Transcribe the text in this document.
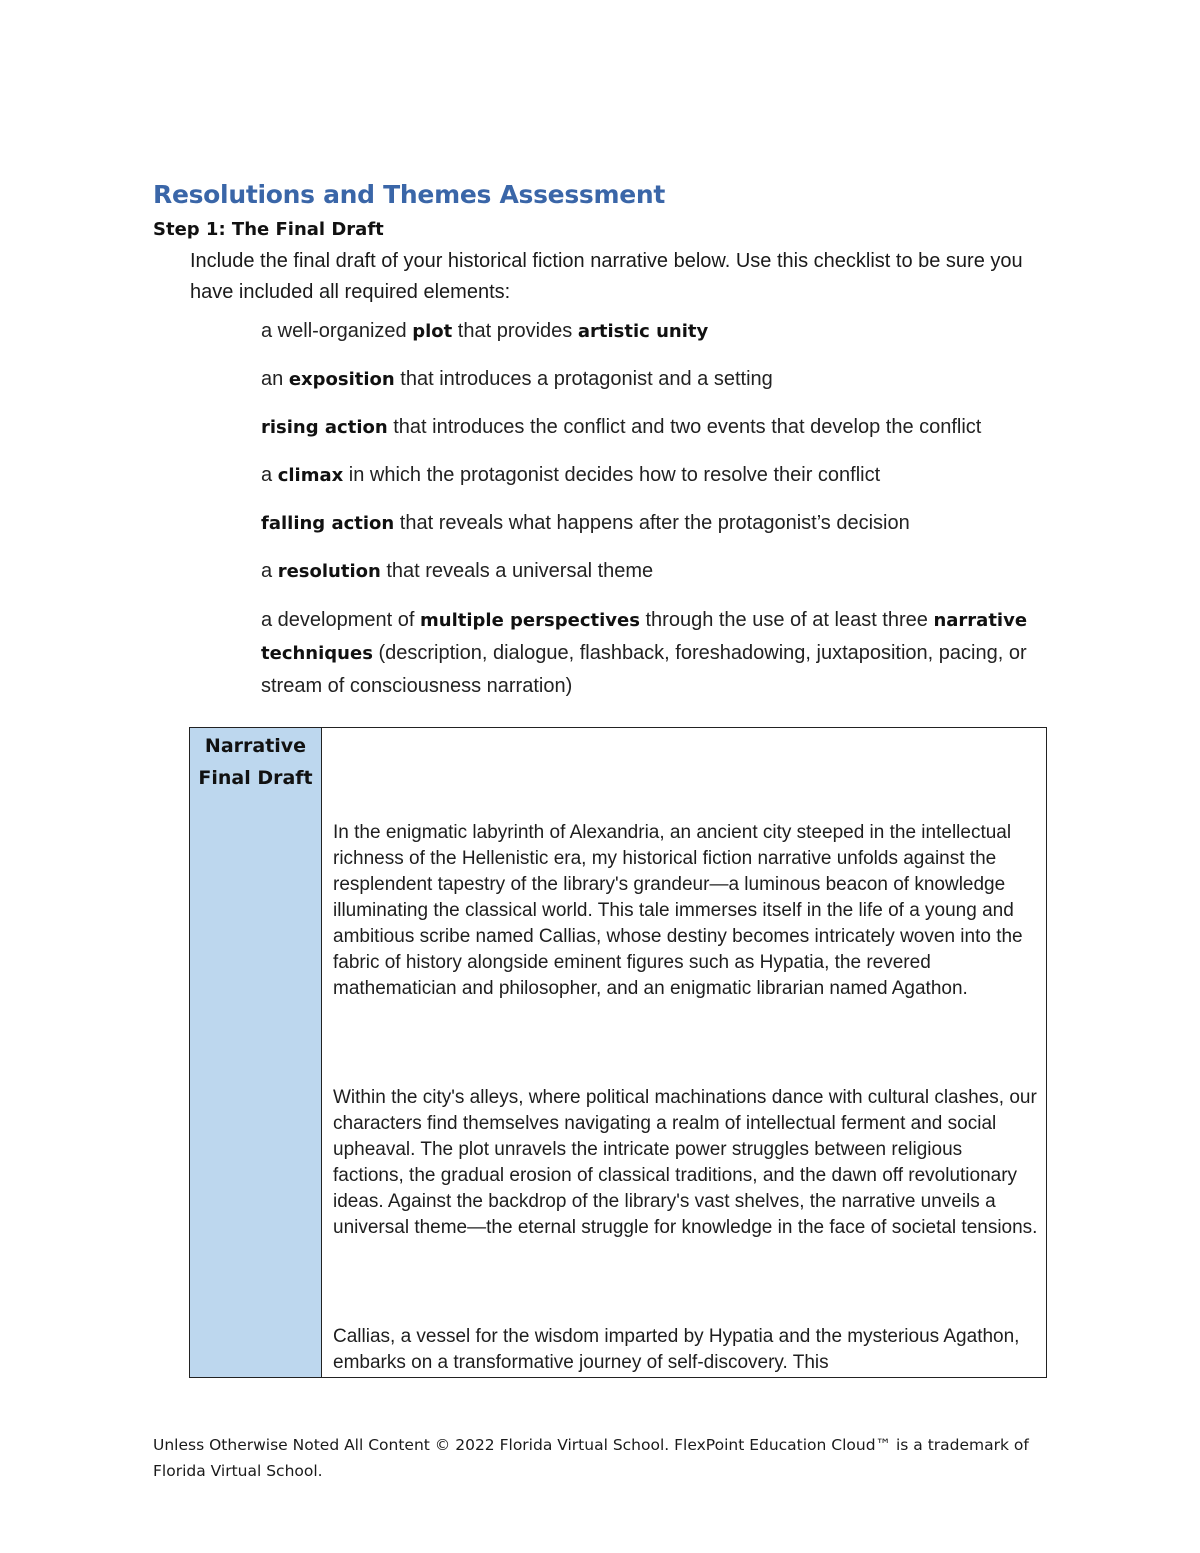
Resolutions and Themes Assessment
Step 1: The Final Draft

Include the final draft of your historical fiction narrative below. Use this checklist to be sure you have included all required elements:

a well-organized plot that provides artistic unity
an exposition that introduces a protagonist and a setting
rising action that introduces the conflict and two events that develop the conflict
a climax in which the protagonist decides how to resolve their conflict
falling action that reveals what happens after the protagonist’s decision
a resolution that reveals a universal theme
a development of multiple perspectives through the use of at least three narrative techniques (description, dialogue, flashback, foreshadowing, juxtaposition, pacing, or stream of consciousness narration)
Narrative Final Draft

In the enigmatic labyrinth of Alexandria, an ancient city steeped in the intellectual richness of the Hellenistic era, my historical fiction narrative unfolds against the resplendent tapestry of the library's grandeur—a luminous beacon of knowledge illuminating the classical world. This tale immerses itself in the life of a young and ambitious scribe named Callias, whose destiny becomes intricately woven into the fabric of history alongside eminent figures such as Hypatia, the revered mathematician and philosopher, and an enigmatic librarian named Agathon.

Within the city's alleys, where political machinations dance with cultural clashes, our characters find themselves navigating a realm of intellectual ferment and social upheaval. The plot unravels the intricate power struggles between religious factions, the gradual erosion of classical traditions, and the dawn off revolutionary ideas. Against the backdrop of the library's vast shelves, the narrative unveils a universal theme—the eternal struggle for knowledge in the face of societal tensions.

Callias, a vessel for the wisdom imparted by Hypatia and the mysterious Agathon, embarks on a transformative journey of self-discovery. This

Unless Otherwise Noted All Content © 2022 Florida Virtual School. FlexPoint Education Cloud™ is a trademark of Florida Virtual School.
